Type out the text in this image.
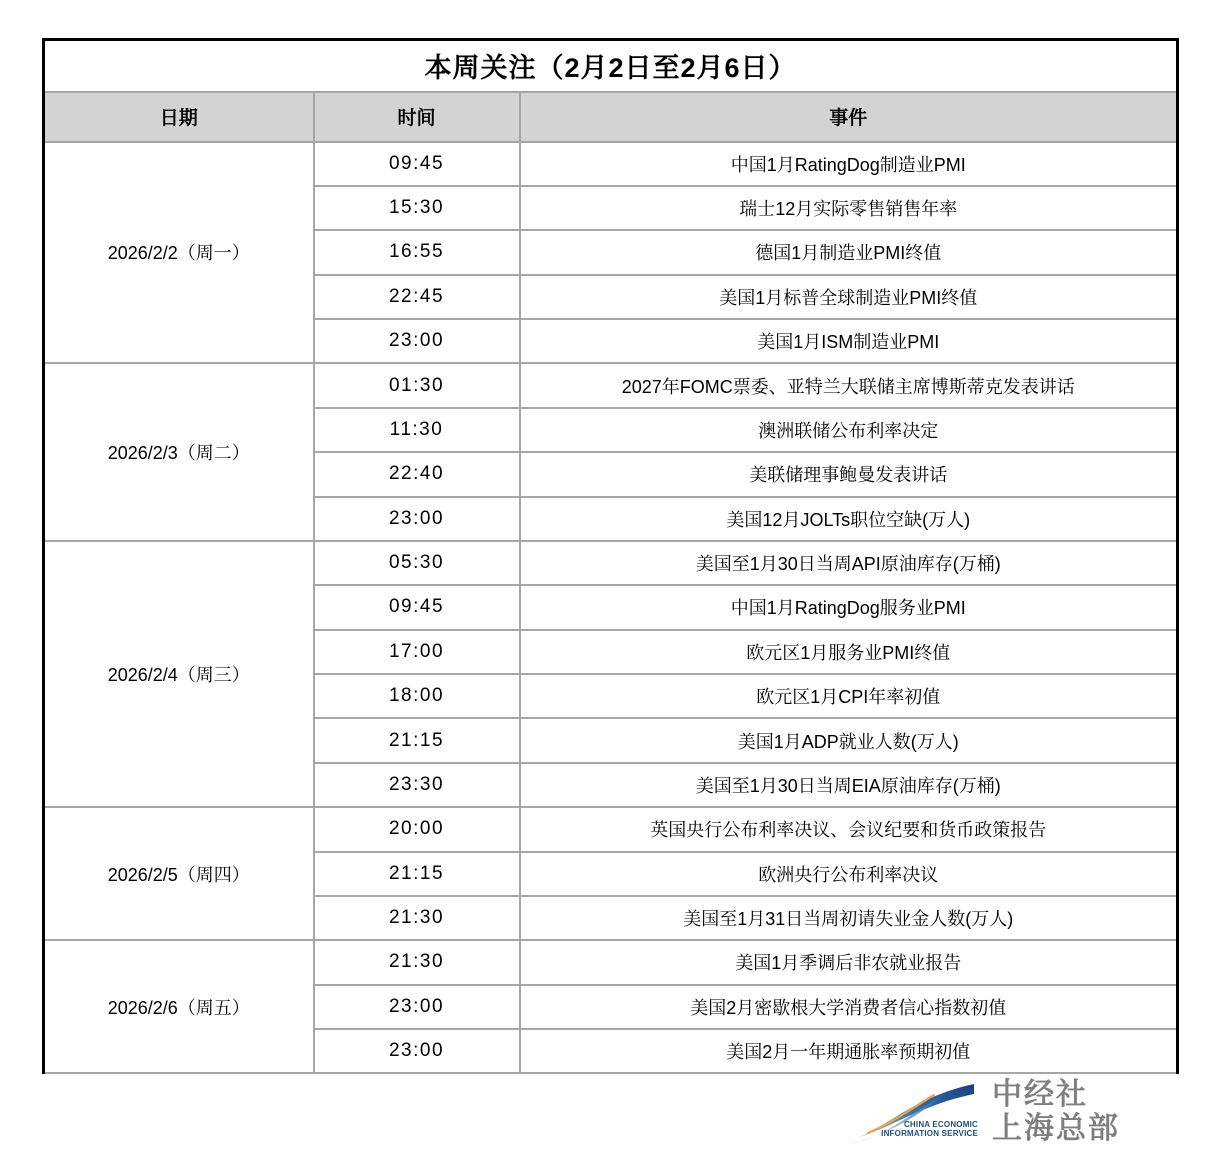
本周关注（2月2日至2月6日）		
日期	时间	事件
2026/2/2（周一）	09:45	中国1月RatingDog制造业PMI
	15:30	瑞士12月实际零售销售年率
	16:55	德国1月制造业PMI终值
	22:45	美国1月标普全球制造业PMI终值
	23:00	美国1月ISM制造业PMI
2026/2/3（周二）	01:30	2027年FOMC票委、亚特兰大联储主席博斯蒂克发表讲话
	11:30	澳洲联储公布利率决定
	22:40	美联储理事鲍曼发表讲话
	23:00	美国12月JOLTs职位空缺(万人)
2026/2/4（周三）	05:30	美国至1月30日当周API原油库存(万桶)
	09:45	中国1月RatingDog服务业PMI
	17:00	欧元区1月服务业PMI终值
	18:00	欧元区1月CPI年率初值
	21:15	美国1月ADP就业人数(万人)
	23:30	美国至1月30日当周EIA原油库存(万桶)
2026/2/5（周四）	20:00	英国央行公布利率决议、会议纪要和货币政策报告
	21:15	欧洲央行公布利率决议
	21:30	美国至1月31日当周初请失业金人数(万人)
2026/2/6（周五）	21:30	美国1月季调后非农就业报告
	23:00	美国2月密歇根大学消费者信心指数初值
	23:00	美国2月一年期通胀率预期初值
CHINA ECONOMIC
INFORMATION SERVICE
中经社
上海总部
